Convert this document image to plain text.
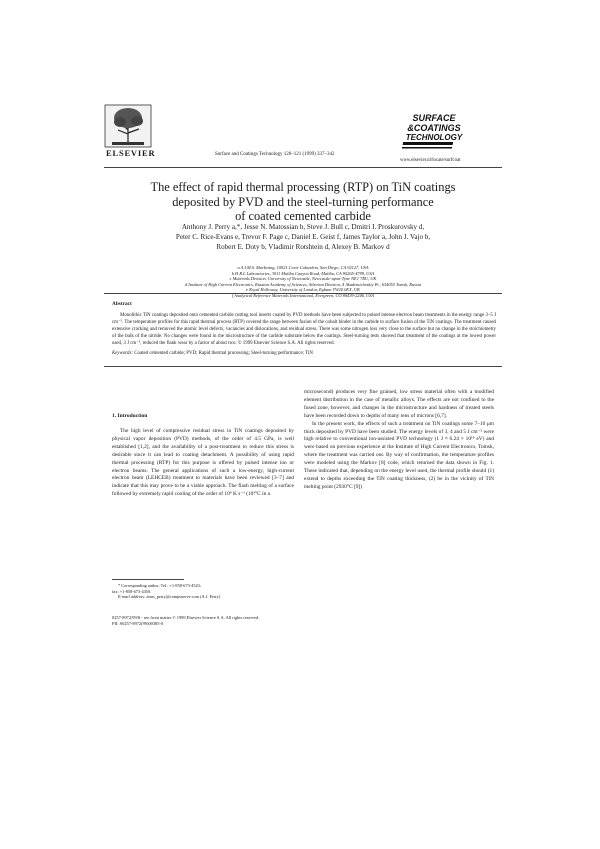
ELSEVIER	Surface and Coatings Technology 120–121 (1999) 337–342
SURFACE
&COATINGS
TECHNOLOGY
www.elsevier.nl/locate/surfcoat
The effect of rapid thermal processing (RTP) on TiN coatings
deposited by PVD and the steel-turning performance
of coated cemented carbide
Anthony J. Perry a,*, Jesse N. Matossian b, Steve J. Bull c, Dmitri I. Proskurovsky d,
Peter C. Rice-Evans e, Trevor F. Page c, Daniel E. Geist f, James Taylor a, John J. Vajo b,
Robert E. Doty b, Vladimir Rotshtein d, Alexey B. Markov d
a A.I.M.S. Marketing, 10921 Corte Calandria, San Diego, CA 92127, USA
b H.R.L Laboratories, 3011 Malibu Canyon Road, Malibu, CA 90265-4799, USA
c Materials Division, University of Newcastle, Newcastle-upon-Tyne NE1 7RU, UK
d Institute of High Current Electronics, Russian Academy of Sciences, Siberian Division, 4 Akademicheskiy Pr., 634055 Tomsk, Russia
e Royal Holloway, University of London, Egham TW20 0EX, UK
f Analytical Reference Materials International, Evergreen, CO 80439-2246, USA
Abstract
Monolithic TiN coatings deposited onto cemented carbide cutting tool inserts coated by PVD methods have been subjected to pulsed intense electron beam treatments in the energy range 3–5 J cm⁻². The temperature profiles for this rapid thermal process (RTP) covered the range between fusion of the cobalt binder in the carbide to surface fusion of the TiN coatings. The treatment caused extensive cracking and removed the atomic level defects, vacancies and dislocations, and residual stress. There was some nitrogen loss very close to the surface but no change in the stoichiometry of the bulk of the nitride. No changes were found in the microstructure of the carbide substrate below the coatings. Steel-turning tests showed that treatment of the coatings at the lowest power used, 3 J cm⁻², reduced the flank wear by a factor of about two. © 1999 Elsevier Science S.A. All rights reserved.
Keywords: Coated cemented carbide; PVD; Rapid thermal processing; Steel-turning performance; TiN
1. Introduction

The high level of compressive residual stress in TiN coatings deposited by physical vapor deposition (PVD) methods, of the order of 4.5 GPa, is well established [1,2], and the availability of a post-treatment to reduce this stress is desirable since it can lead to coating detachment. A possibility of using rapid thermal processing (RTP) for this purpose is offered by pulsed intense ion or electron beams. The general applications of such a low-energy, high-current electron beam (LEHCEB) treatment to materials have been reviewed [3–7] and indicate that this may prove to be a viable approach. The flash melting of a surface followed by extremely rapid cooling of the order of 10⁹ K s⁻¹ (10³°C in a

microsecond) produces very fine grained, low stress material often with a modified element distribution in the case of metallic alloys. The effects are not confined to the fused zone, however, and changes in the microstructure and hardness of treated steels have been recorded down to depths of many tens of microns [6,7].

In the present work, the effects of such a treatment on TiN coatings some 7–10 μm thick deposited by PVD have been studied. The energy levels of 3, 4 and 5 J cm⁻² were high relative to conventional ion-assisted PVD technology (1 J ≈ 6.24 × 10¹⁸ eV) and were based on previous experience at the Institute of High Current Electronics, Tomsk, where the treatment was carried out. By way of confirmation, the temperature profiles were modeled using the Markov [8] code, which returned the data shown in Fig. 1. These indicated that, depending on the energy level used, the thermal profile should (1) extend to depths exceeding the TiN coating thickness, (2) be in the vicinity of TiN melting point (2930°C [9])

* Corresponding author. Tel.: +1-858-673-4543;
fax: +1-858-673-4450.
E-mail address: aims_perry@compuserve.com (A.J. Perry)
0257-8972/99/$ - see front matter © 1999 Elsevier Science S.A. All rights reserved.
PII: S0257-8972(99)00385-0
